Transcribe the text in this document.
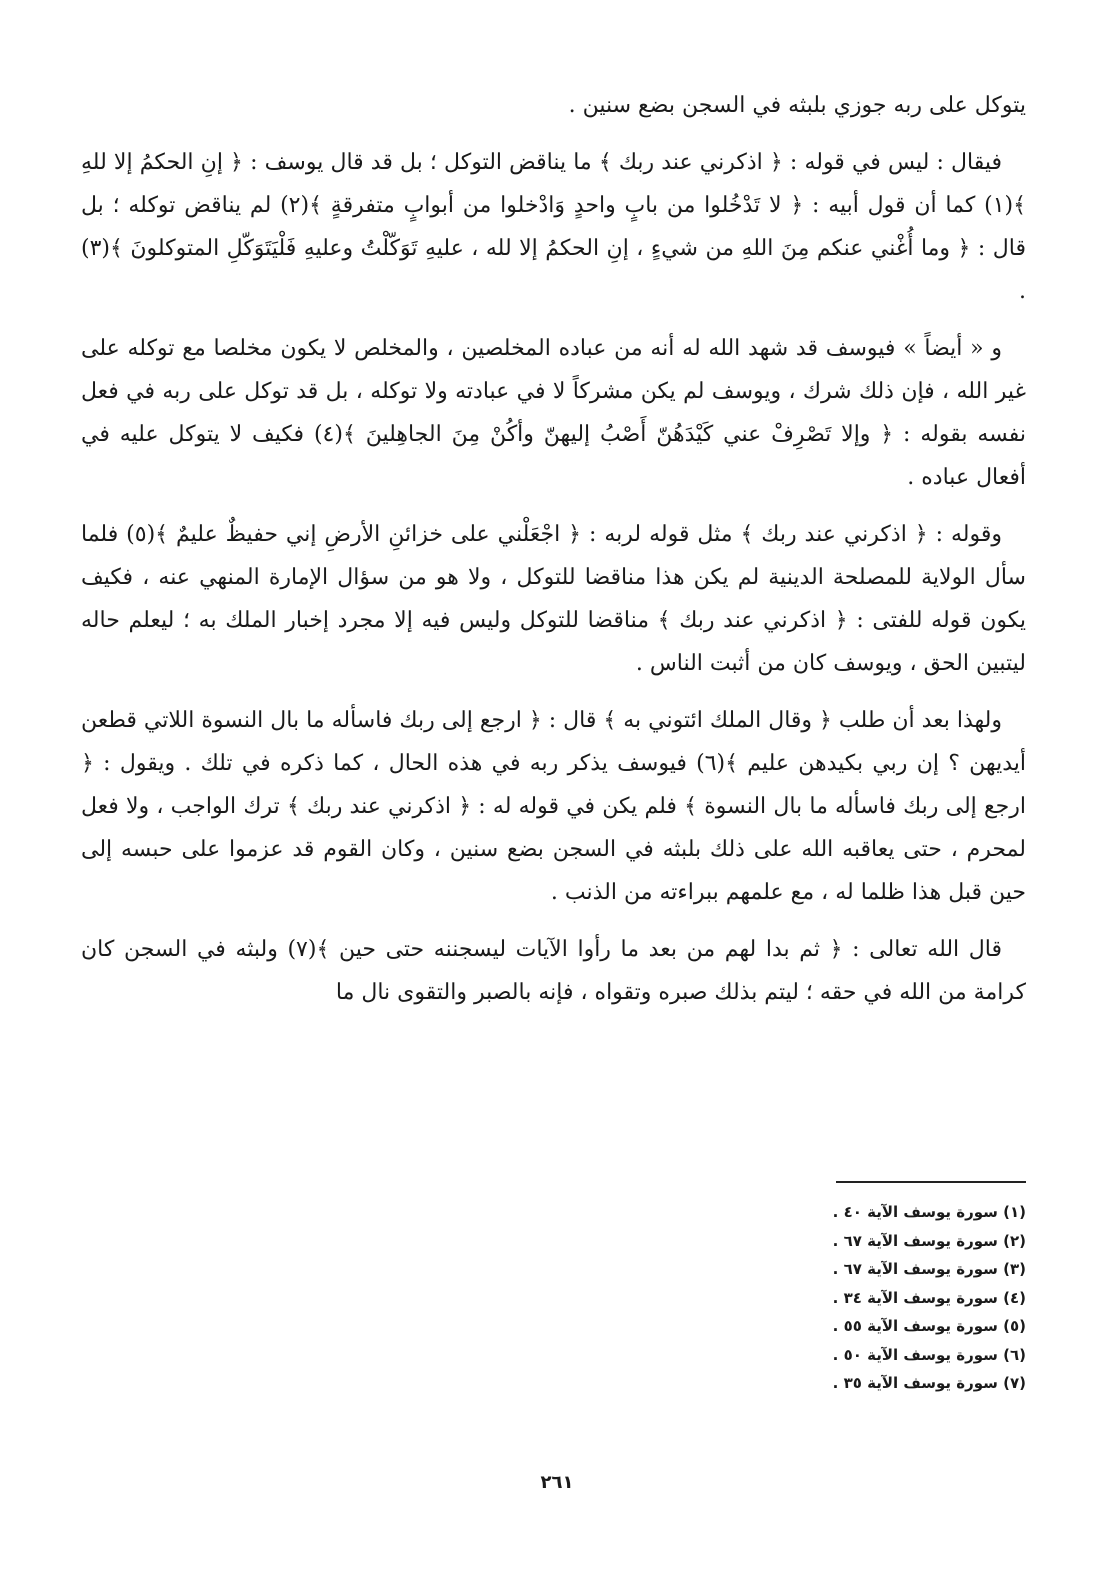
يتوكل على ربه جوزي بلبثه في السجن بضع سنين .

فيقال : ليس في قوله : ﴿ اذكرني عند ربك ﴾ ما يناقض التوكل ؛ بل قد قال يوسف : ﴿ إنِ الحكمُ إلا للهِ ﴾(١) كما أن قول أبيه : ﴿ لا تَدْخُلوا من بابٍ واحدٍ وَادْخلوا من أبوابٍ متفرقةٍ ﴾(٢) لم يناقض توكله ؛ بل قال : ﴿ وما أُغْني عنكم مِنَ اللهِ من شيءٍ ، إنِ الحكمُ إلا لله ، عليهِ تَوَكّلْتُ وعليهِ فَلْيَتَوَكّلِ المتوكلونَ ﴾(٣) .

و « أيضاً » فيوسف قد شهد الله له أنه من عباده المخلصين ، والمخلص لا يكون مخلصا مع توكله على غير الله ، فإن ذلك شرك ، ويوسف لم يكن مشركاً لا في عبادته ولا توكله ، بل قد توكل على ربه في فعل نفسه بقوله : ﴿ وإلا تَصْرِفْ عني كَيْدَهُنّ أَصْبُ إليهنّ وأكُنْ مِنَ الجاهِلينَ ﴾(٤) فكيف لا يتوكل عليه في أفعال عباده .

وقوله : ﴿ اذكرني عند ربك ﴾ مثل قوله لربه : ﴿ اجْعَلْني على خزائنِ الأرضِ إني حفيظٌ عليمٌ ﴾(٥) فلما سأل الولاية للمصلحة الدينية لم يكن هذا مناقضا للتوكل ، ولا هو من سؤال الإمارة المنهي عنه ، فكيف يكون قوله للفتى : ﴿ اذكرني عند ربك ﴾ مناقضا للتوكل وليس فيه إلا مجرد إخبار الملك به ؛ ليعلم حاله ليتبين الحق ، ويوسف كان من أثبت الناس .

ولهذا بعد أن طلب ﴿ وقال الملك ائتوني به ﴾ قال : ﴿ ارجع إلى ربك فاسأله ما بال النسوة اللاتي قطعن أيديهن ؟ إن ربي بكيدهن عليم ﴾(٦) فيوسف يذكر ربه في هذه الحال ، كما ذكره في تلك . ويقول : ﴿ ارجع إلى ربك فاسأله ما بال النسوة ﴾ فلم يكن في قوله له : ﴿ اذكرني عند ربك ﴾ ترك الواجب ، ولا فعل لمحرم ، حتى يعاقبه الله على ذلك بلبثه في السجن بضع سنين ، وكان القوم قد عزموا على حبسه إلى حين قبل هذا ظلما له ، مع علمهم ببراءته من الذنب .

قال الله تعالى : ﴿ ثم بدا لهم من بعد ما رأوا الآيات ليسجننه حتى حين ﴾(٧) ولبثه في السجن كان كرامة من الله في حقه ؛ ليتم بذلك صبره وتقواه ، فإنه بالصبر والتقوى نال ما

(١) سورة يوسف الآية ٤٠ .
(٢) سورة يوسف الآية ٦٧ .
(٣) سورة يوسف الآية ٦٧ .
(٤) سورة يوسف الآية ٣٤ .
(٥) سورة يوسف الآية ٥٥ .
(٦) سورة يوسف الآية ٥٠ .
(٧) سورة يوسف الآية ٣٥ .
٢٦١
